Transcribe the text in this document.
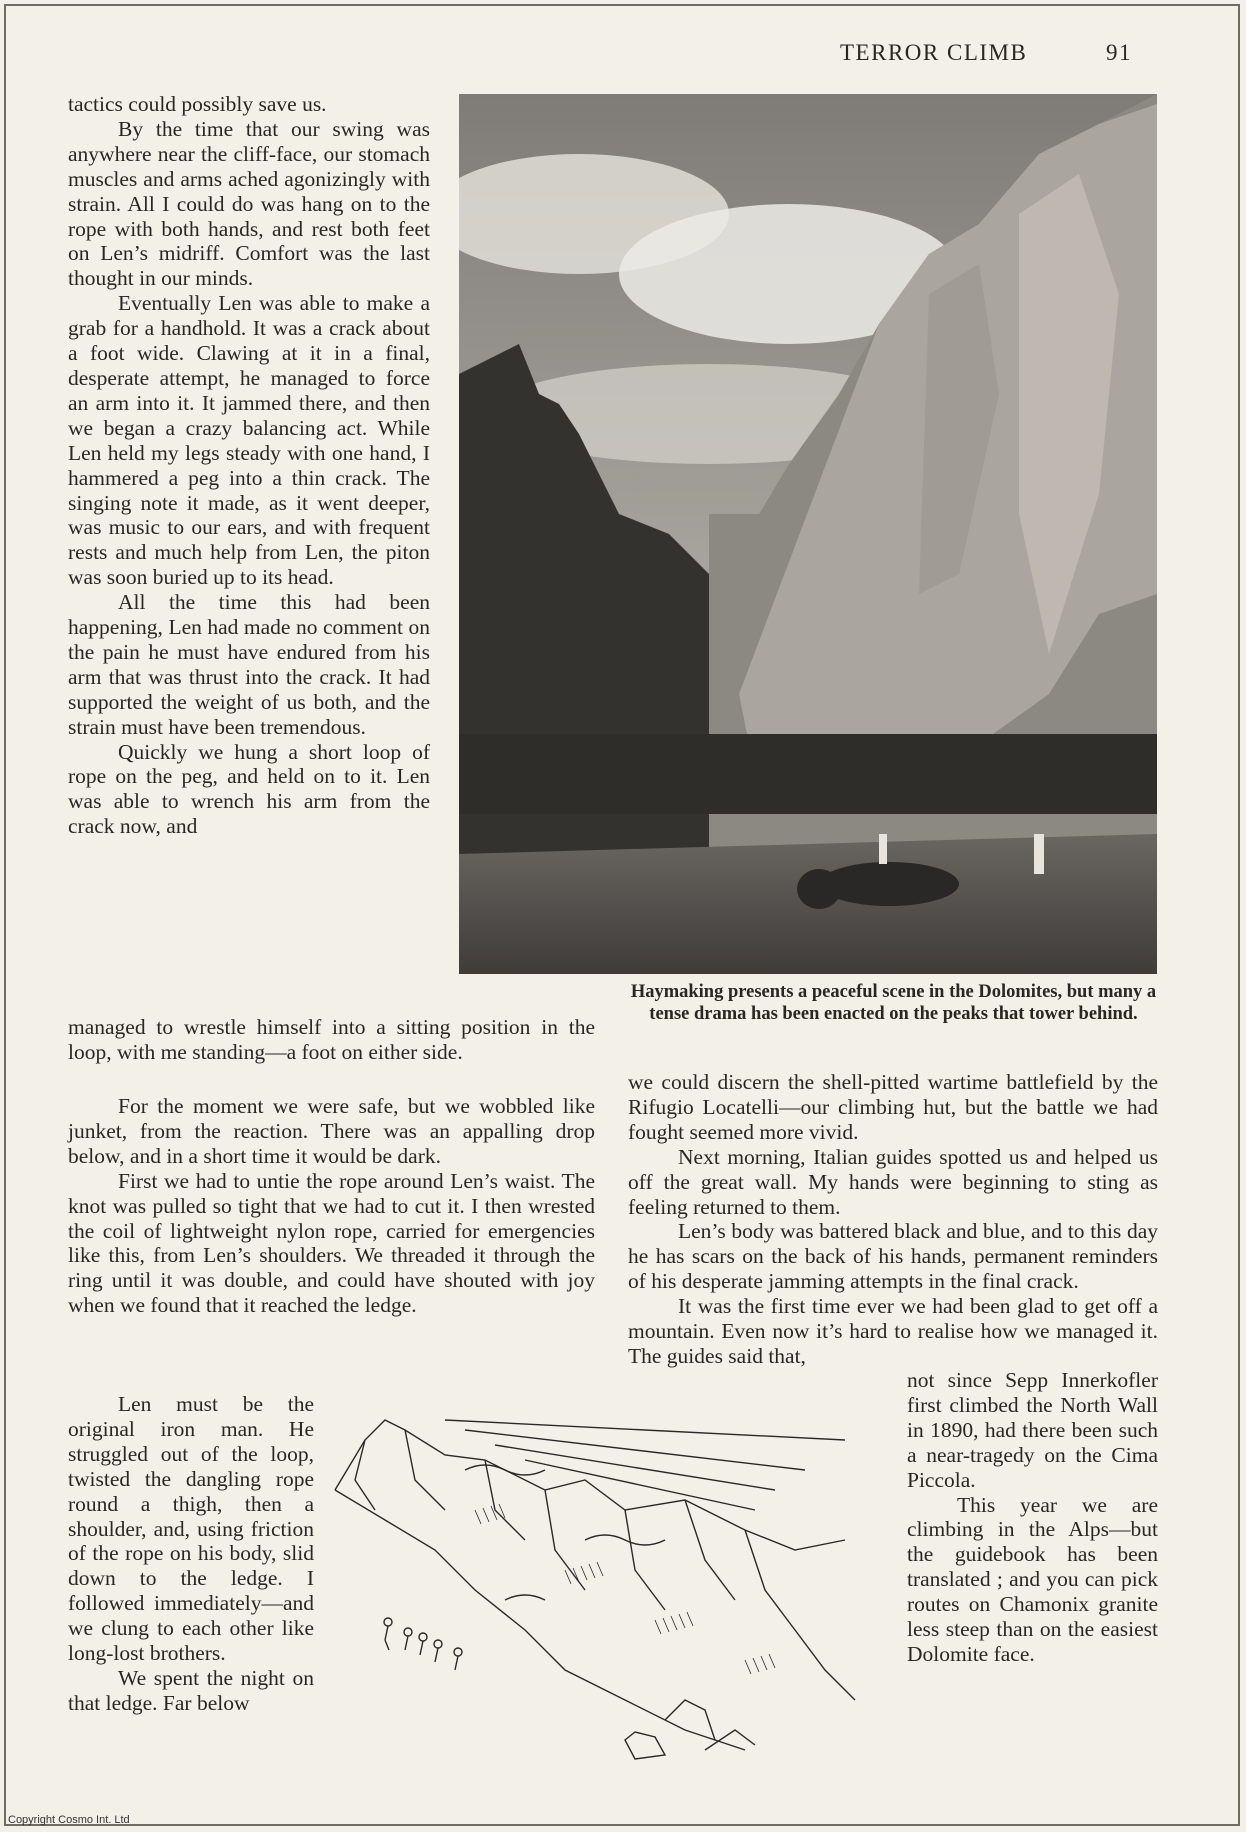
TERROR CLIMB	91

tactics could possibly save us.

By the time that our swing was anywhere near the cliff-face, our stomach muscles and arms ached agonizingly with strain. All I could do was hang on to the rope with both hands, and rest both feet on Len’s midriff. Comfort was the last thought in our minds.

Eventually Len was able to make a grab for a handhold. It was a crack about a foot wide. Clawing at it in a final, desperate attempt, he managed to force an arm into it. It jammed there, and then we began a crazy balancing act. While Len held my legs steady with one hand, I hammered a peg into a thin crack. The singing note it made, as it went deeper, was music to our ears, and with frequent rests and much help from Len, the piton was soon buried up to its head.

All the time this had been happening, Len had made no comment on the pain he must have endured from his arm that was thrust into the crack. It had supported the weight of us both, and the strain must have been tremendous.

Quickly we hung a short loop of rope on the peg, and held on to it. Len was able to wrench his arm from the crack now, and

Haymaking presents a peaceful scene in the Dolomites, but many a tense drama has been enacted on the peaks that tower behind.

managed to wrestle himself into a sitting position in the loop, with me standing—a foot on either side.

For the moment we were safe, but we wobbled like junket, from the reaction. There was an appalling drop below, and in a short time it would be dark.

First we had to untie the rope around Len’s waist. The knot was pulled so tight that we had to cut it. I then wrested the coil of lightweight nylon rope, carried for emergencies like this, from Len’s shoulders. We threaded it through the ring until it was double, and could have shouted with joy when we found that it reached the ledge.

we could discern the shell-pitted wartime battlefield by the Rifugio Locatelli—our climbing hut, but the battle we had fought seemed more vivid.

Next morning, Italian guides spotted us and helped us off the great wall. My hands were beginning to sting as feeling returned to them.

Len’s body was battered black and blue, and to this day he has scars on the back of his hands, permanent reminders of his desperate jamming attempts in the final crack.

It was the first time ever we had been glad to get off a mountain. Even now it’s hard to realise how we managed it. The guides said that,

Len must be the original iron man. He struggled out of the loop, twisted the dangling rope round a thigh, then a shoulder, and, using friction of the rope on his body, slid down to the ledge. I followed immediately—and we clung to each other like long-lost brothers.

We spent the night on that ledge. Far below

not since Sepp Innerkofler first climbed the North Wall in 1890, had there been such a near-tragedy on the Cima Piccola.

This year we are climbing in the Alps—but the guidebook has been translated ; and you can pick routes on Chamonix granite less steep than on the easiest Dolomite face.

Copyright Cosmo Int. Ltd
